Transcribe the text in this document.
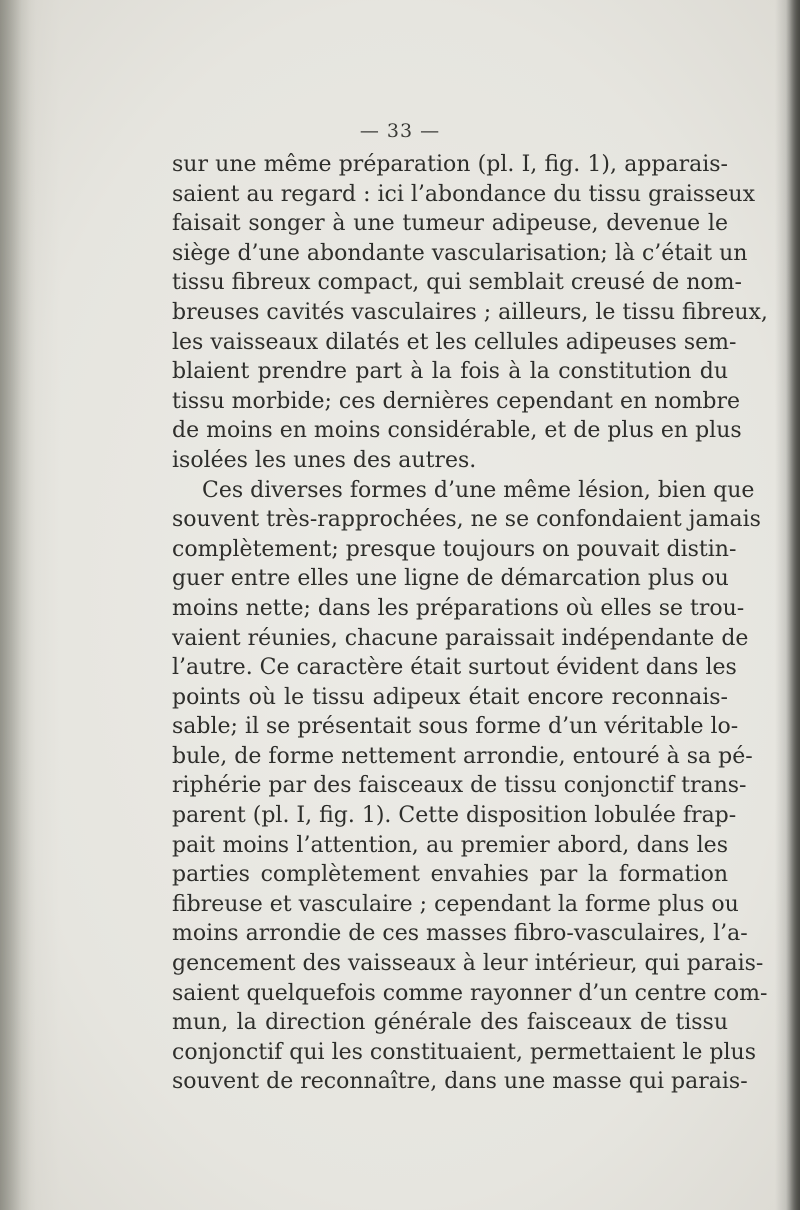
— 33 —
sur une même préparation (pl. I, fig. 1), apparais-
saient au regard : ici l’abondance du tissu graisseux
faisait songer à une tumeur adipeuse, devenue le
siège d’une abondante vascularisation; là c’était un
tissu fibreux compact, qui semblait creusé de nom-
breuses cavités vasculaires ; ailleurs, le tissu fibreux,
les vaisseaux dilatés et les cellules adipeuses sem-
blaient prendre part à la fois à la constitution du
tissu morbide; ces dernières cependant en nombre
de moins en moins considérable, et de plus en plus
isolées les unes des autres.
Ces diverses formes d’une même lésion, bien que
souvent très-rapprochées, ne se confondaient jamais
complètement; presque toujours on pouvait distin-
guer entre elles une ligne de démarcation plus ou
moins nette; dans les préparations où elles se trou-
vaient réunies, chacune paraissait indépendante de
l’autre. Ce caractère était surtout évident dans les
points où le tissu adipeux était encore reconnais-
sable; il se présentait sous forme d’un véritable lo-
bule, de forme nettement arrondie, entouré à sa pé-
riphérie par des faisceaux de tissu conjonctif trans-
parent (pl. I, fig. 1). Cette disposition lobulée frap-
pait moins l’attention, au premier abord, dans les
parties complètement envahies par la formation
fibreuse et vasculaire ; cependant la forme plus ou
moins arrondie de ces masses fibro-vasculaires, l’a-
gencement des vaisseaux à leur intérieur, qui parais-
saient quelquefois comme rayonner d’un centre com-
mun, la direction générale des faisceaux de tissu
conjonctif qui les constituaient, permettaient le plus
souvent de reconnaître, dans une masse qui parais-
